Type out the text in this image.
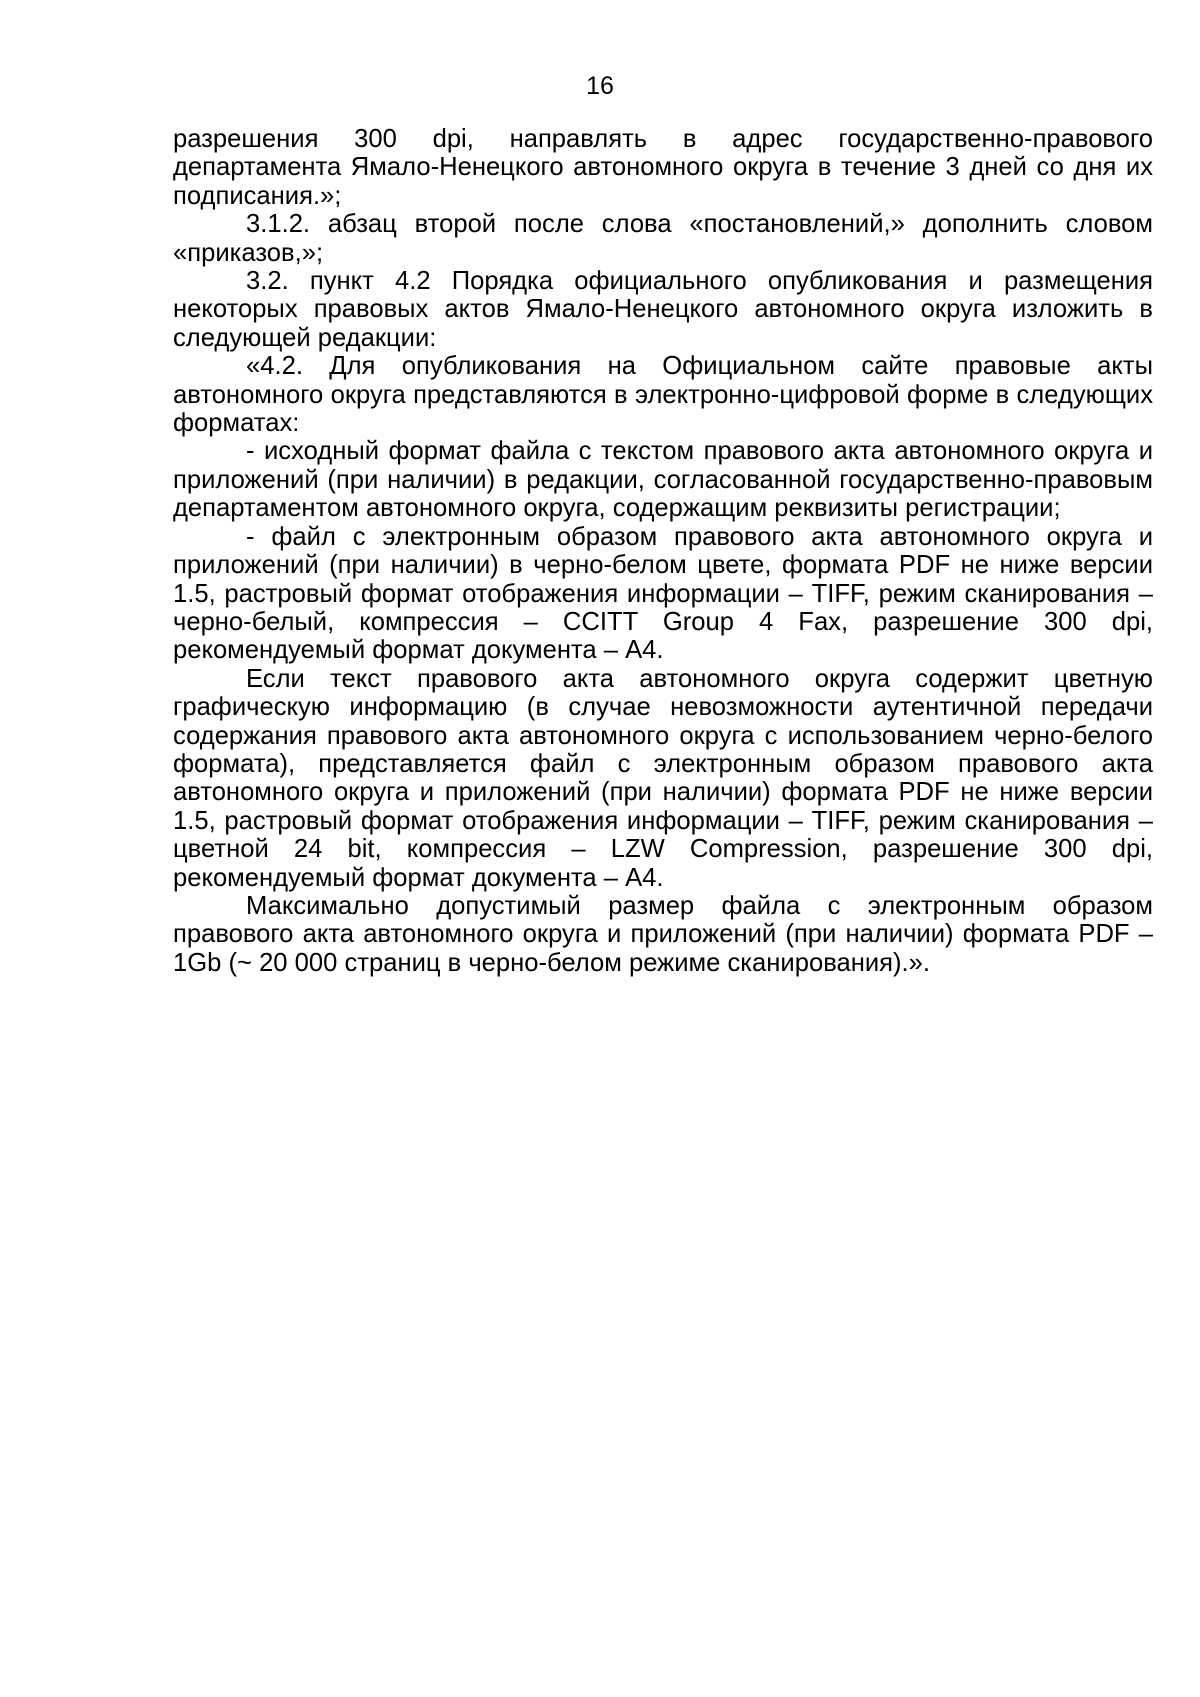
16

разрешения 300 dpi, направлять в адрес государственно-правового департамента Ямало-Ненецкого автономного округа в течение 3 дней со дня их подписания.»;

3.1.2. абзац второй после слова «постановлений,» дополнить словом «приказов,»;

3.2. пункт 4.2 Порядка официального опубликования и размещения некоторых правовых актов Ямало-Ненецкого автономного округа изложить в следующей редакции:

«4.2. Для опубликования на Официальном сайте правовые акты автономного округа представляются в электронно-цифровой форме в следующих форматах:

- исходный формат файла с текстом правового акта автономного округа и приложений (при наличии) в редакции, согласованной государственно-правовым департаментом автономного округа, содержащим реквизиты регистрации;

- файл с электронным образом правового акта автономного округа и приложений (при наличии) в черно-белом цвете, формата PDF не ниже версии 1.5, растровый формат отображения информации – TIFF, режим сканирования – черно-белый, компрессия – CCITT Group 4 Fax, разрешение 300 dpi, рекомендуемый формат документа – A4.

Если текст правового акта автономного округа содержит цветную графическую информацию (в случае невозможности аутентичной передачи содержания правового акта автономного округа с использованием черно-белого формата), представляется файл с электронным образом правового акта автономного округа и приложений (при наличии) формата PDF не ниже версии 1.5, растровый формат отображения информации – TIFF, режим сканирования – цветной 24 bit, компрессия – LZW Compression, разрешение 300 dpi, рекомендуемый формат документа – A4.

Максимально допустимый размер файла с электронным образом правового акта автономного округа и приложений (при наличии) формата PDF – 1Gb (~ 20 000 страниц в черно-белом режиме сканирования).».
